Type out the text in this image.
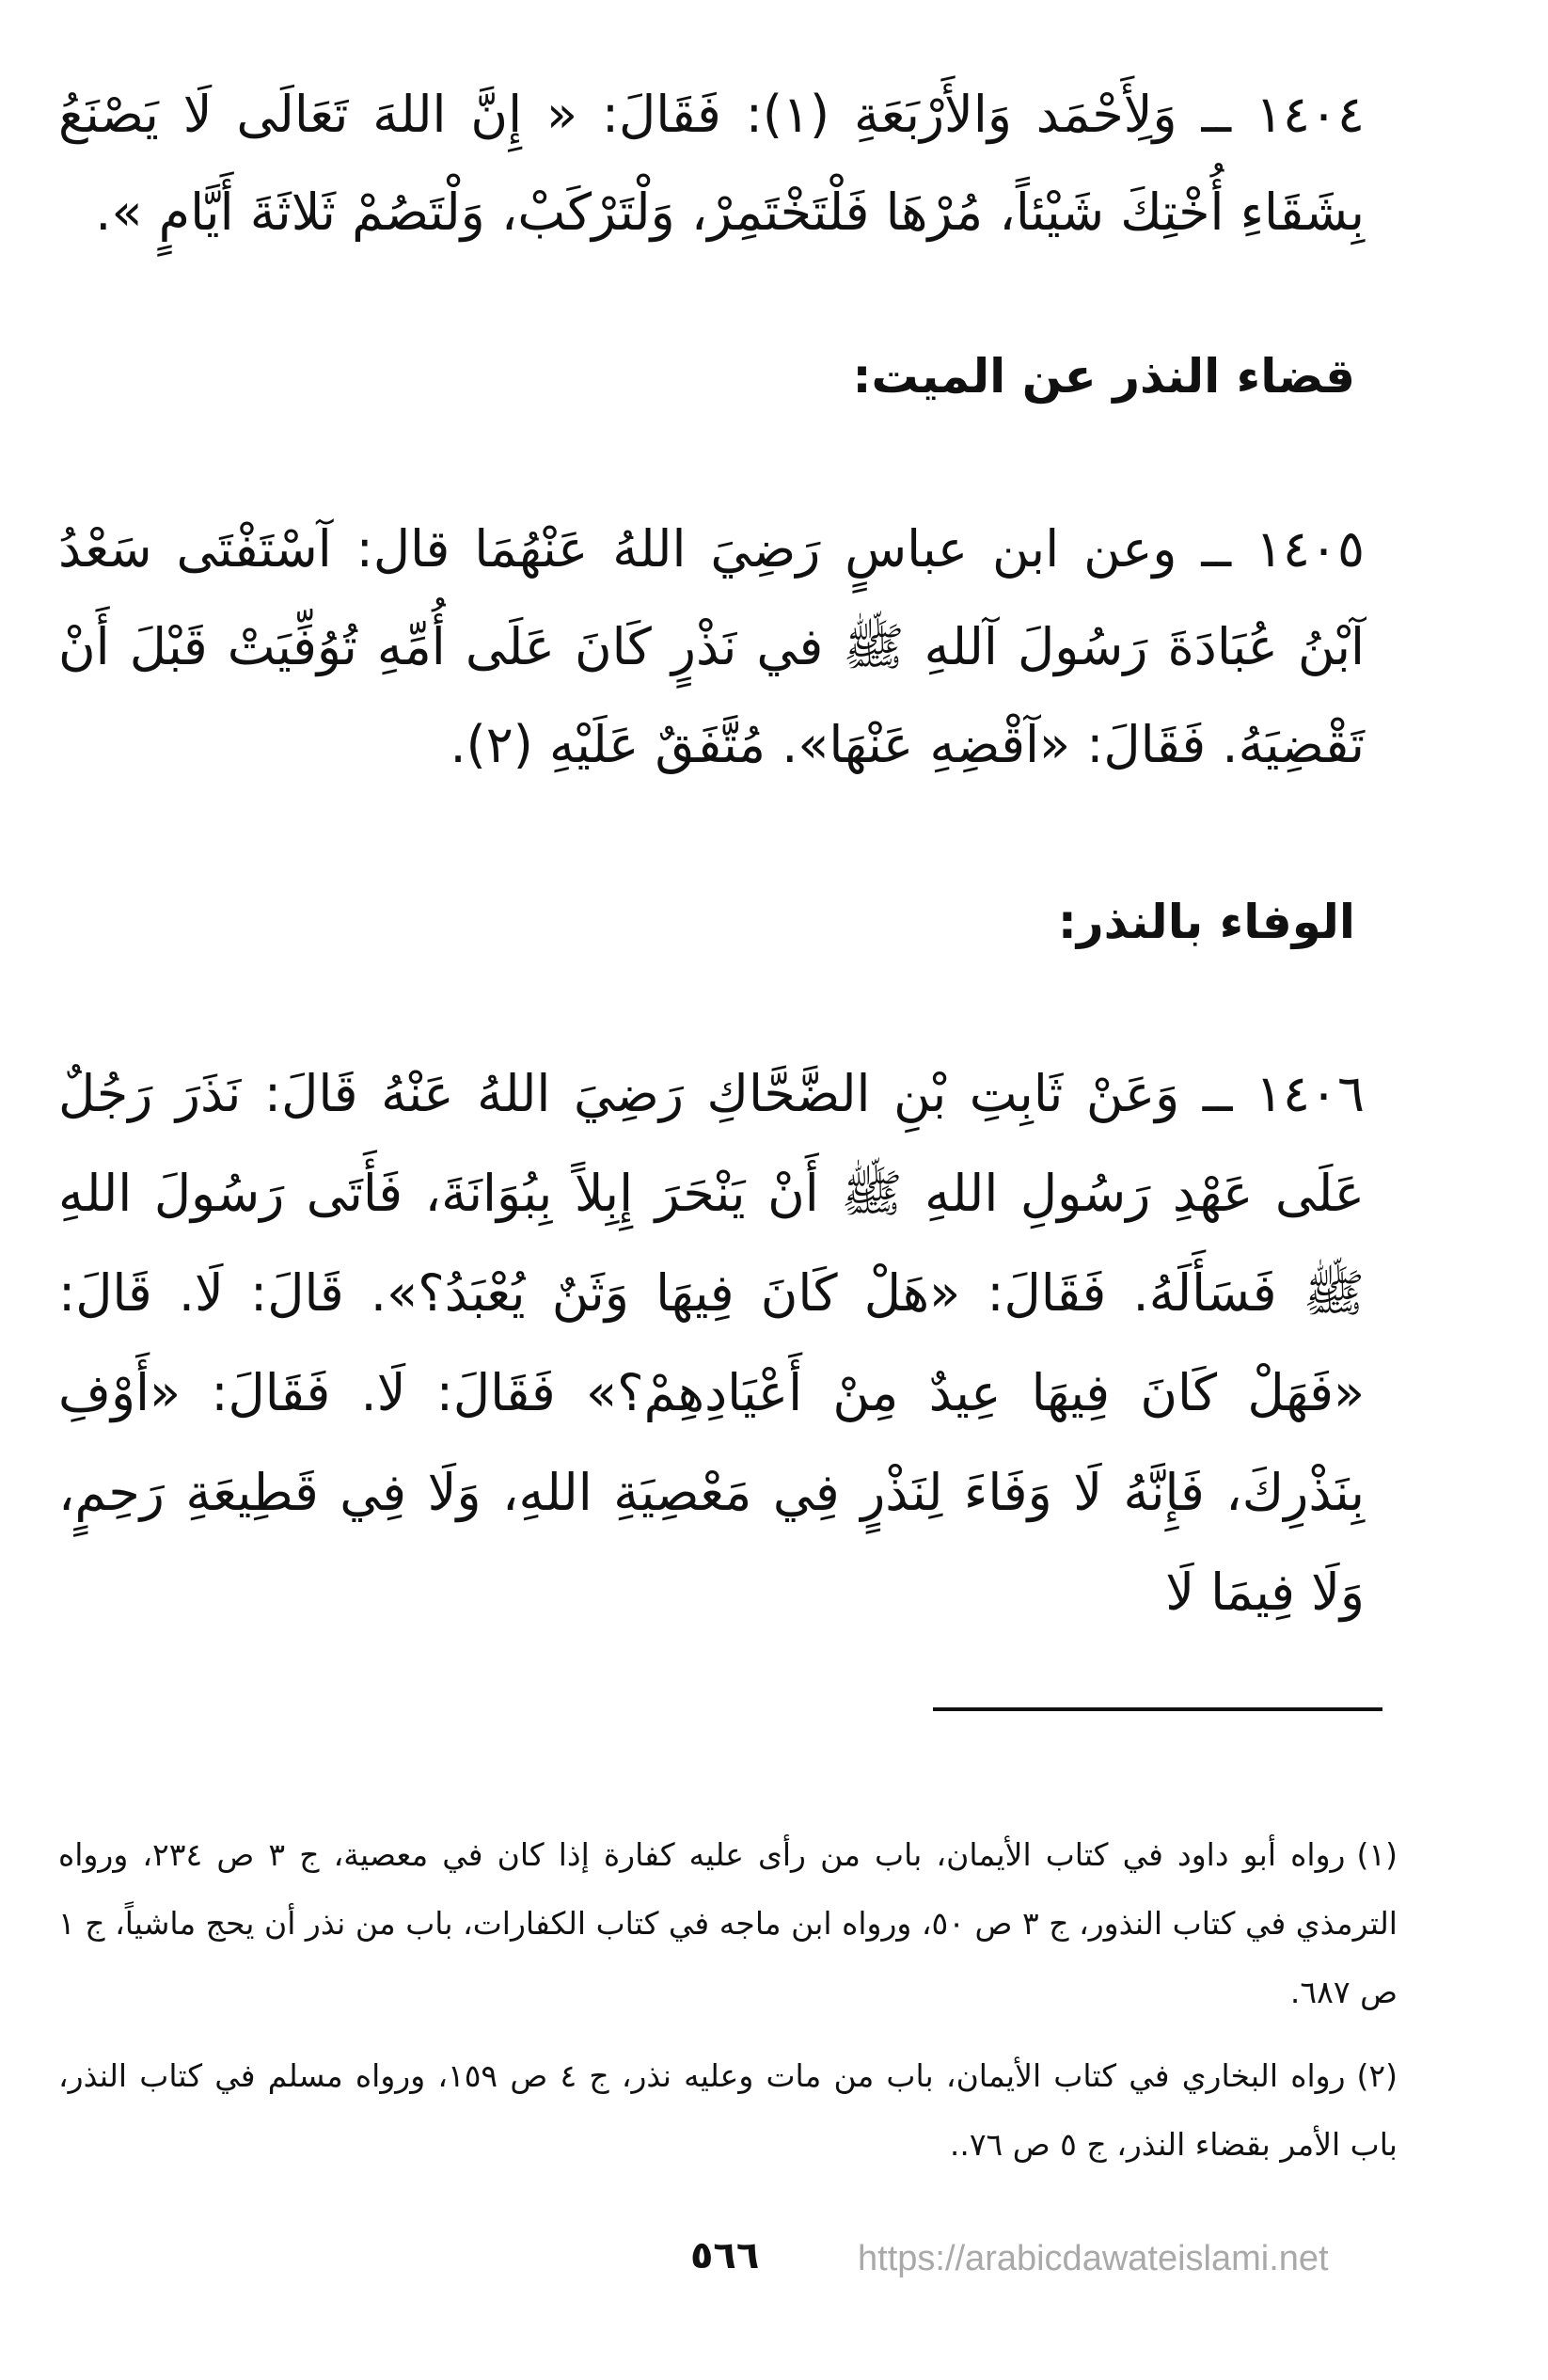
١٤٠٤ ــ وَلِأَحْمَد وَالأَرْبَعَةِ (١): فَقَالَ: « إِنَّ اللهَ تَعَالَى لَا يَصْنَعُ بِشَقَاءِ أُخْتِكَ شَيْئاً، مُرْهَا فَلْتَخْتَمِرْ، وَلْتَرْكَبْ، وَلْتَصُمْ ثَلاثَةَ أَيَّامٍ ».

قضاء النذر عن الميت:

١٤٠٥ ــ وعن ابن عباسٍ رَضِيَ اللهُ عَنْهُمَا قال: آسْتَفْتَى سَعْدُ آبْنُ عُبَادَةَ رَسُولَ آللهِ ﷺ في نَذْرٍ كَانَ عَلَى أُمِّهِ تُوُفِّيَتْ قَبْلَ أَنْ تَقْضِيَهُ. فَقَالَ: «آقْضِهِ عَنْهَا». مُتَّفَقٌ عَلَيْهِ (٢).

الوفاء بالنذر:

١٤٠٦ ــ وَعَنْ ثَابِتِ بْنِ الضَّحَّاكِ رَضِيَ اللهُ عَنْهُ قَالَ: نَذَرَ رَجُلٌ عَلَى عَهْدِ رَسُولِ اللهِ ﷺ أَنْ يَنْحَرَ إِبِلاً بِبُوَانَةَ، فَأَتَى رَسُولَ اللهِ ﷺ فَسَأَلَهُ. فَقَالَ: «هَلْ كَانَ فِيهَا وَثَنٌ يُعْبَدُ؟». قَالَ: لَا. قَالَ: «فَهَلْ كَانَ فِيهَا عِيدٌ مِنْ أَعْيَادِهِمْ؟» فَقَالَ: لَا. فَقَالَ: «أَوْفِ بِنَذْرِكَ، فَإِنَّهُ لَا وَفَاءَ لِنَذْرٍ فِي مَعْصِيَةِ اللهِ، وَلَا فِي قَطِيعَةِ رَحِمٍ، وَلَا فِيمَا لَا

(١)رواه أبو داود في كتاب الأيمان، باب من رأى عليه كفارة إذا كان في معصية، ج ٣ ص ٢٣٤، ورواه الترمذي في كتاب النذور، ج ٣ ص ٥٠، ورواه ابن ماجه في كتاب الكفارات، باب من نذر أن يحج ماشياً، ج ١ ص ٦٨٧.

(٢)رواه البخاري في كتاب الأيمان، باب من مات وعليه نذر، ج ٤ ص ١٥٩، ورواه مسلم في كتاب النذر، باب الأمر بقضاء النذر، ج ٥ ص ٧٦..

٥٦٦	https://arabicdawateislami.net
